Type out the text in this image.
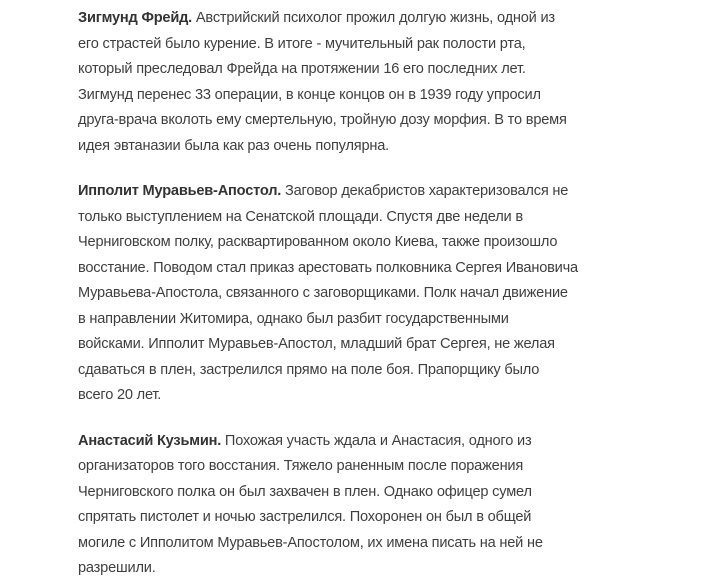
Зигмунд Фрейд. Австрийский психолог прожил долгую жизнь, одной из его страстей было курение. В итоге - мучительный рак полости рта, который преследовал Фрейда на протяжении 16 его последних лет. Зигмунд перенес 33 операции, в конце концов он в 1939 году упросил друга-врача вколоть ему смертельную, тройную дозу морфия. В то время идея эвтаназии была как раз очень популярна.

Ипполит Муравьев-Апостол. Заговор декабристов характеризовался не только выступлением на Сенатской площади. Спустя две недели в Черниговском полку, расквартированном около Киева, также произошло восстание. Поводом стал приказ арестовать полковника Сергея Ивановича Муравьева-Апостола, связанного с заговорщиками. Полк начал движение в направлении Житомира, однако был разбит государственными войсками. Ипполит Муравьев-Апостол, младший брат Сергея, не желая сдаваться в плен, застрелился прямо на поле боя. Прапорщику было всего 20 лет.

Анастасий Кузьмин. Похожая участь ждала и Анастасия, одного из организаторов того восстания. Тяжело раненным после поражения Черниговского полка он был захвачен в плен. Однако офицер сумел спрятать пистолет и ночью застрелился. Похоронен он был в общей могиле с Ипполитом Муравьев-Апостолом, их имена писать на ней не разрешили.
